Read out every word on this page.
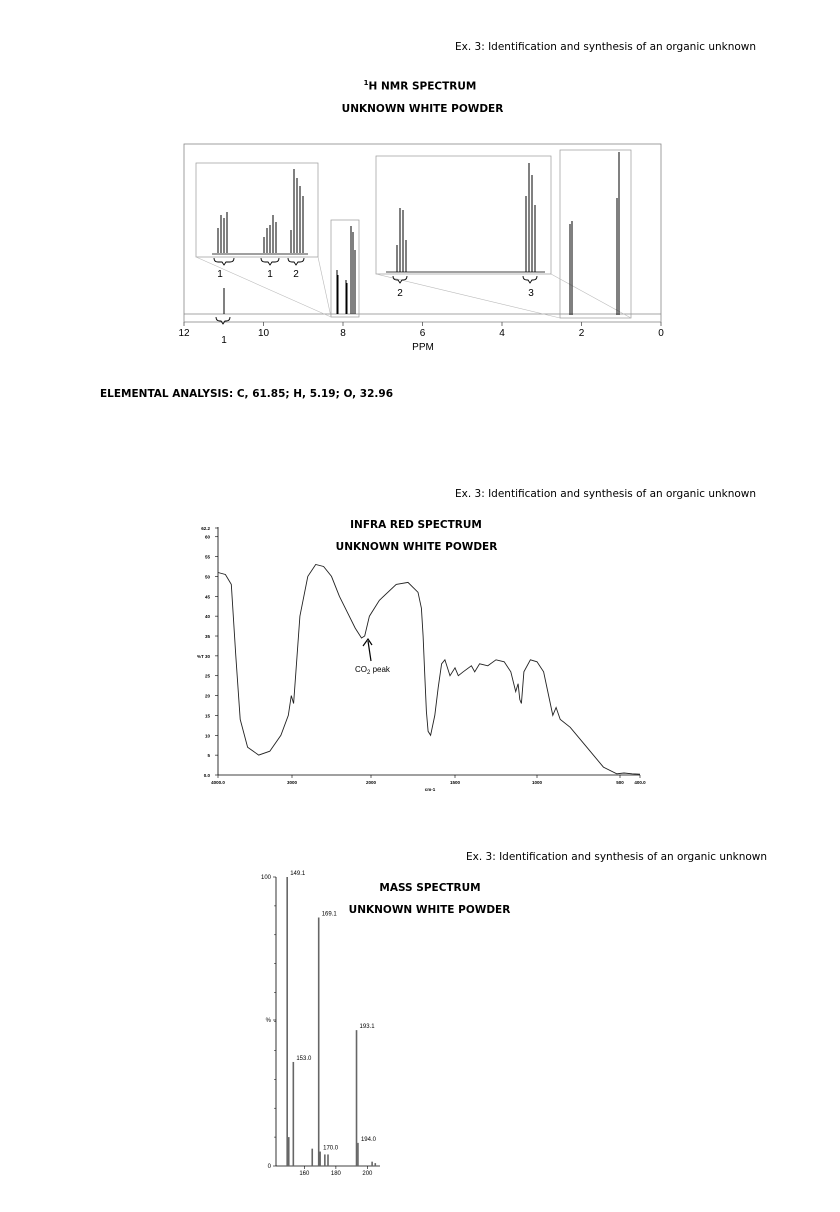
Ex. 3: Identification and synthesis of an organic unknown
$^1$H NMR SPECTRUM
UNKNOWN WHITE POWDER
1	1 2
2	3
1
PPM
12	10	8	6	4	2	0
ELEMENTAL ANALYSIS: C, 61.85; H, 5.19; O, 32.96
Ex. 3: Identification and synthesis of an organic unknown
INFRA RED SPECTRUM
UNKNOWN WHITE POWDER
0.0
5
10
15
20
25
%T 30
35
40
45
50
55
60
62.2
4000.0	3000	2000	1500	1000	500 400.0
cm-1
$CO_2$ peak
Ex. 3: Identification and synthesis of an organic unknown
MASS SPECTRUM
UNKNOWN WHITE POWDER
160	180	200
0
%
100
149.1
153.0
169.1
170.0
193.1
194.0
